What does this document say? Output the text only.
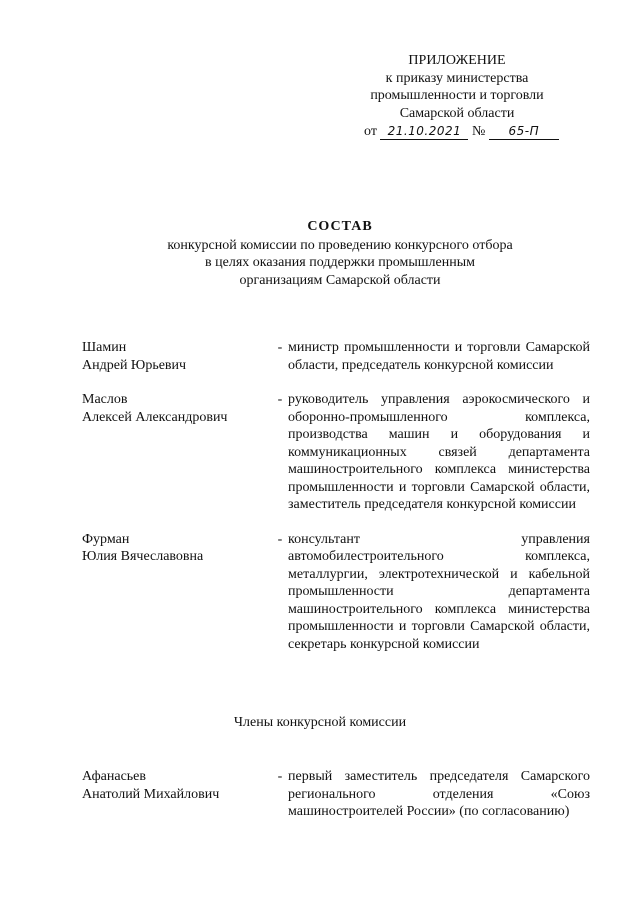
ПРИЛОЖЕНИЕ
к приказу министерства
промышленности и торговли
Самарской области
от 21.10.2021 № 65-П
СОСТАВ
конкурсной комиссии по проведению конкурсного отбора
в целях оказания поддержки промышленным
организациям Самарской области
Шамин
Андрей Юрьевич
- министр промышленности и торговли Самарской области, председатель конкурсной комиссии
Маслов
Алексей Александрович
- руководитель управления аэрокосмического и оборонно-промышленного комплекса, производства машин и оборудования и коммуникационных связей департамента машиностроительного комплекса министерства промышленности и торговли Самарской области, заместитель председателя конкурсной комиссии
Фурман
Юлия Вячеславовна
- консультант управления автомобилестроительного комплекса, металлургии, электротехнической и кабельной промышленности департамента машиностроительного комплекса министерства промышленности и торговли Самарской области, секретарь конкурсной комиссии
Члены конкурсной комиссии
Афанасьев
Анатолий Михайлович
- первый заместитель председателя Самарского регионального отделения «Союз машиностроителей России» (по согласованию)
